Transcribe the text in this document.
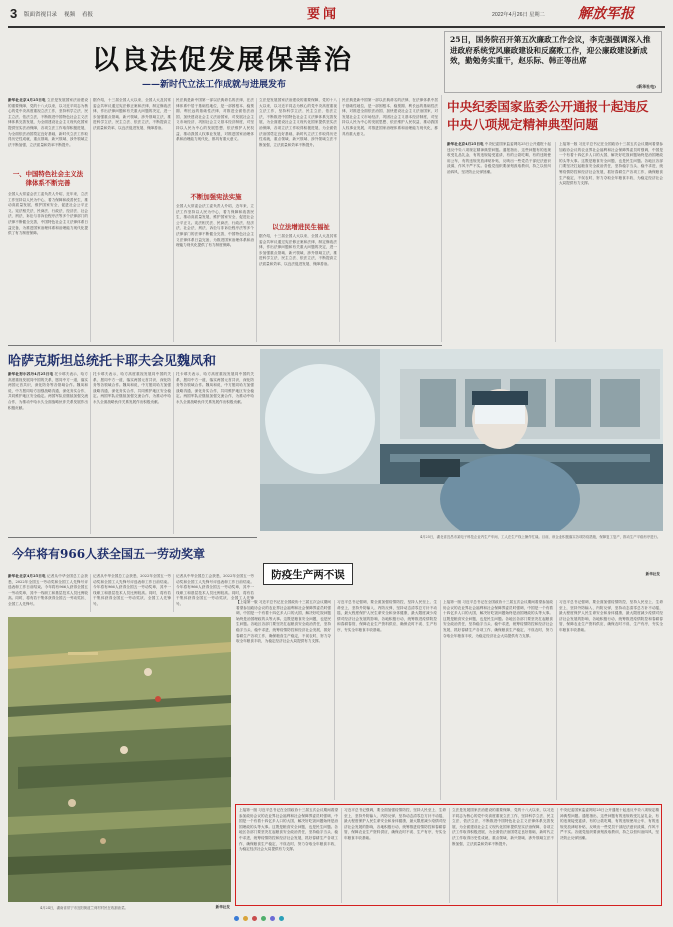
3 版面省视目录 视频 看报	要闻	2022年4月26日 星期二 解放军报
以良法促发展保善治
——新时代立法工作成就与进展发布
25日，国务院召开第五次廉政工作会议，李克强强调深入推进政府系统党风廉政建设和反腐败工作，迎公廉政建设新成效，勤勉务实重干，赵乐际、韩正等出席
(新华社电)
新华社北京4月25日电 立法是发展国家法治建设的重要保障，党的十八大以来，以习近平同志为核心的党中央高度重视立法工作，坚持科学立法、民主立法、依法立法，不断推进中国特色社会主义法律体系完善发展，为全面建设社会主义现代化国家提供坚实法治保障，各项立法工作取得积极进展，为全面依法治国奠定良好基础，新时代立法工作取得历史性成就，重点领域、新兴领域、涉外领域立法不断加强，立法质量和效率不断提升。
一、中国特色社会主义法律体系不断完善
全国人大常委会法工委负责人介绍，近年来，立法工作坚持以人民为中心，着力保障和改善民生，推动高质量发展，维护国家安全，促进社会公平正义。宪法相关法、民商法、行政法、经济法、社会法、刑法、诉讼与非诉讼程序法等多个法律部门的法律不断健全完善，中国特色社会主义法律体系日益完备，为推进国家治理体系和治理能力现代化提供了有力制度保障。
据介绍，十三届全国人大以来，全国人大及其常委会共审议通过宪法修正案和法律，制定修改法律，作出法律问题和有关重大问题的决定，进一步加强重点领域、新兴领域、涉外领域立法，推进科学立法、民主立法、依法立法，不断提高立法质量和效率，以良法促进发展、保障善治。
民法典是新中国第一部以法典命名的法律，在法律体系中居于基础性地位，是一部固根本、稳预期、利长远的基础性法律，对推进全面依法治国、加快建设社会主义法治国家，对发展社会主义市场经济、巩固社会主义基本经济制度，对坚持以人民为中心的发展思想、依法维护人民权益、推动我国人权事业发展，对推进国家治理体系和治理能力现代化，都具有重大意义。
不断加强宪法实施
全国人大常委会法工委负责人介绍，近年来，立法工作坚持以人民为中心，着力保障和改善民生，推动高质量发展，维护国家安全，促进社会公平正义。宪法相关法、民商法、行政法、经济法、社会法、刑法、诉讼与非诉讼程序法等多个法律部门的法律不断健全完善，中国特色社会主义法律体系日益完备，为推进国家治理体系和治理能力现代化提供了有力制度保障。
立法是发展国家法治建设的重要保障，党的十八大以来，以习近平同志为核心的党中央高度重视立法工作，坚持科学立法、民主立法、依法立法，不断推进中国特色社会主义法律体系完善发展，为全面建设社会主义现代化国家提供坚实法治保障，各项立法工作取得积极进展，为全面依法治国奠定良好基础，新时代立法工作取得历史性成就，重点领域、新兴领域、涉外领域立法不断加强，立法质量和效率不断提升。
以立法增进民生福祉
据介绍，十三届全国人大以来，全国人大及其常委会共审议通过宪法修正案和法律，制定修改法律，作出法律问题和有关重大问题的决定，进一步加强重点领域、新兴领域、涉外领域立法，推进科学立法、民主立法、依法立法，不断提高立法质量和效率，以良法促进发展、保障善治。
民法典是新中国第一部以法典命名的法律，在法律体系中居于基础性地位，是一部固根本、稳预期、利长远的基础性法律，对推进全面依法治国、加快建设社会主义法治国家，对发展社会主义市场经济、巩固社会主义基本经济制度，对坚持以人民为中心的发展思想、依法维护人民权益、推动我国人权事业发展，对推进国家治理体系和治理能力现代化，都具有重大意义。
中央纪委国家监委公开通报十起违反中央八项规定精神典型问题
新华社北京4月25日电 中央纪委国家监委网站25日公开通报十起违反中央八项规定精神典型问题。通报指出，这些问题有的违规收受礼品礼金，有的违规接受宴请，有的公款吃喝，有的违规使用公车，有的违规发放津贴补贴，反映出一些党员干部纪法意识淡薄，作风不严不实。各级党组织要深刻汲取教训，持之以恒纠治四风，坚决防止反弹回潮。
上接第一版 习近平总书记在全国政协十三届五次会议期间看望参加政协会议的农业界社会福利和社会保障界委员时强调，中国是一个有着十四亿多人口的大国，解决好吃饭问题始终是治国理政的头等大事。这既是粮食安全问题，也是民生问题。各地区各部门要坚决扛起粮食安全政治责任，坚持稳字当头、稳中求进，统筹疫情防控和经济社会发展，抓好春耕生产各项工作，确保粮食生产稳定，不误农时，努力夺取全年粮食丰收，为稳定经济社会大局提供有力支撑。
哈萨克斯坦总统托卡耶夫会见魏凤和
新华社努尔苏丹4月25日电 托卡耶夫表示，哈方高度重视发展同中国的关系，愿同中方一道，落实两国元首共识，深化防务等各领域合作。魏凤和说，中方愿同哈方加强战略沟通，深化务实合作，共同维护地区安全稳定。两国军队应继续加强交流合作，为推动中哈永久全面战略伙伴关系发展作出积极贡献。
托卡耶夫表示，哈方高度重视发展同中国的关系，愿同中方一道，落实两国元首共识，深化防务等各领域合作。魏凤和说，中方愿同哈方加强战略沟通，深化务实合作，共同维护地区安全稳定。两国军队应继续加强交流合作，为推动中哈永久全面战略伙伴关系发展作出积极贡献。
托卡耶夫表示，哈方高度重视发展同中国的关系，愿同中方一道，落实两国元首共识，深化防务等各领域合作。魏凤和说，中方愿同哈方加强战略沟通，深化务实合作，共同维护地区安全稳定。两国军队应继续加强交流合作，为推动中哈永久全面战略伙伴关系发展作出积极贡献。
4月25日，湖北省宜昌市某电子科技企业内生产车间，工人在生产线上操作忙碌。目前，该企业积极落实各项防疫措施，保障复工复产，推动生产平稳有序进行。
今年将有966人获全国五一劳动奖章
新华社北京4月25日电 记者从中华全国总工会获悉，2022年全国五一劳动奖和全国工人先锋号评选表彰工作日前结束。今年将有966人获得全国五一劳动奖章，其中一线职工和基层技术人员比例较高。同时，将有若干集体获得全国五一劳动奖状、全国工人先锋号。
记者从中华全国总工会获悉，2022年全国五一劳动奖和全国工人先锋号评选表彰工作日前结束。今年将有966人获得全国五一劳动奖章，其中一线职工和基层技术人员比例较高。同时，将有若干集体获得全国五一劳动奖状、全国工人先锋号。
记者从中华全国总工会获悉，2022年全国五一劳动奖和全国工人先锋号评选表彰工作日前结束。今年将有966人获得全国五一劳动奖章，其中一线职工和基层技术人员比例较高。同时，将有若干集体获得全国五一劳动奖状、全国工人先锋号。
防疫生产两不误	新华社发
4月24日，湖南省常宁市宜阳街道兰荷村村民在收割油菜。	新华社发
【上接第一版 习近平总书记在全国政协十三届五次会议期间看望参加政协会议的农业界社会福利和社会保障界委员时强调，中国是一个有着十四亿多人口的大国，解决好吃饭问题始终是治国理政的头等大事。这既是粮食安全问题，也是民生问题。各地区各部门要坚决扛起粮食安全政治责任，坚持稳字当头、稳中求进，统筹疫情防控和经济社会发展，抓好春耕生产各项工作，确保粮食生产稳定，不误农时，努力夺取全年粮食丰收，为稳定经济社会大局提供有力支撑。
习近平总书记强调，要全面加强疫情防控，坚持人民至上、生命至上，坚持外防输入、内防反弹，坚持动态清零总方针不动摇，最大程度保护人民生命安全和身体健康，最大限度减少疫情对经济社会发展的影响，各地积极行动，统筹推进疫情防控和春耕春管，保障农业生产资料供应，确保农时不误、生产有序，夯实全年粮食丰收基础。
上接第一版 习近平总书记在全国政协十三届五次会议期间看望参加政协会议的农业界社会福利和社会保障界委员时强调，中国是一个有着十四亿多人口的大国，解决好吃饭问题始终是治国理政的头等大事。这既是粮食安全问题，也是民生问题。各地区各部门要坚决扛起粮食安全政治责任，坚持稳字当头、稳中求进，统筹疫情防控和经济社会发展，抓好春耕生产各项工作，确保粮食生产稳定，不误农时，努力夺取全年粮食丰收，为稳定经济社会大局提供有力支撑。
习近平总书记强调，要全面加强疫情防控，坚持人民至上、生命至上，坚持外防输入、内防反弹，坚持动态清零总方针不动摇，最大程度保护人民生命安全和身体健康，最大限度减少疫情对经济社会发展的影响，各地积极行动，统筹推进疫情防控和春耕春管，保障农业生产资料供应，确保农时不误、生产有序，夯实全年粮食丰收基础。
上接第一版 习近平总书记在全国政协十三届五次会议期间看望参加政协会议的农业界社会福利和社会保障界委员时强调，中国是一个有着十四亿多人口的大国，解决好吃饭问题始终是治国理政的头等大事。这既是粮食安全问题，也是民生问题。各地区各部门要坚决扛起粮食安全政治责任，坚持稳字当头、稳中求进，统筹疫情防控和经济社会发展，抓好春耕生产各项工作，确保粮食生产稳定，不误农时，努力夺取全年粮食丰收，为稳定经济社会大局提供有力支撑。
习近平总书记强调，要全面加强疫情防控，坚持人民至上、生命至上，坚持外防输入、内防反弹，坚持动态清零总方针不动摇，最大程度保护人民生命安全和身体健康，最大限度减少疫情对经济社会发展的影响，各地积极行动，统筹推进疫情防控和春耕春管，保障农业生产资料供应，确保农时不误、生产有序，夯实全年粮食丰收基础。
立法是发展国家法治建设的重要保障，党的十八大以来，以习近平同志为核心的党中央高度重视立法工作，坚持科学立法、民主立法、依法立法，不断推进中国特色社会主义法律体系完善发展，为全面建设社会主义现代化国家提供坚实法治保障，各项立法工作取得积极进展，为全面依法治国奠定良好基础，新时代立法工作取得历史性成就，重点领域、新兴领域、涉外领域立法不断加强，立法质量和效率不断提升。
中央纪委国家监委网站25日公开通报十起违反中央八项规定精神典型问题。通报指出，这些问题有的违规收受礼品礼金，有的违规接受宴请，有的公款吃喝，有的违规使用公车，有的违规发放津贴补贴，反映出一些党员干部纪法意识淡薄，作风不严不实。各级党组织要深刻汲取教训，持之以恒纠治四风，坚决防止反弹回潮。
